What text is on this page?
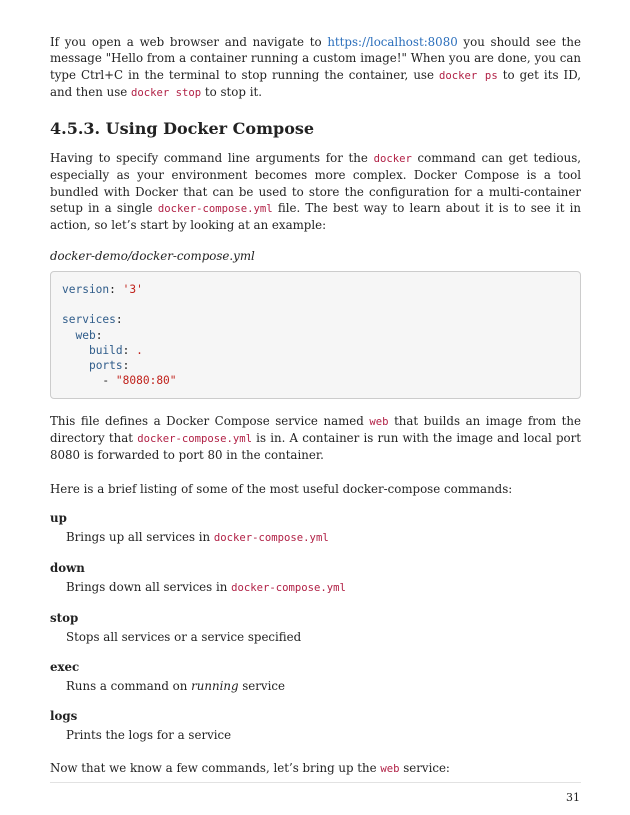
If you open a web browser and navigate to https://localhost:8080 you should see the message "Hello from a container running a custom image!" When you are done, you can type Ctrl+C in the terminal to stop running the container, use docker ps to get its ID, and then use docker stop to stop it.

4.5.3. Using Docker Compose

Having to specify command line arguments for the docker command can get tedious, especially as your environment becomes more complex. Docker Compose is a tool bundled with Docker that can be used to store the configuration for a multi-container setup in a single docker-compose.yml file. The best way to learn about it is to see it in action, so let’s start by looking at an example:

docker-demo/docker-compose.yml
version: '3'

services:
web:
build: .
ports:
- "8080:80"

This file defines a Docker Compose service named web that builds an image from the directory that docker-compose.yml is in. A container is run with the image and local port 8080 is forwarded to port 80 in the container.

Here is a brief listing of some of the most useful docker-compose commands:

up
Brings up all services in docker-compose.yml
down
Brings down all services in docker-compose.yml
stop
Stops all services or a service specified
exec
Runs a command on running service
logs
Prints the logs for a service

Now that we know a few commands, let’s bring up the web service:

31
